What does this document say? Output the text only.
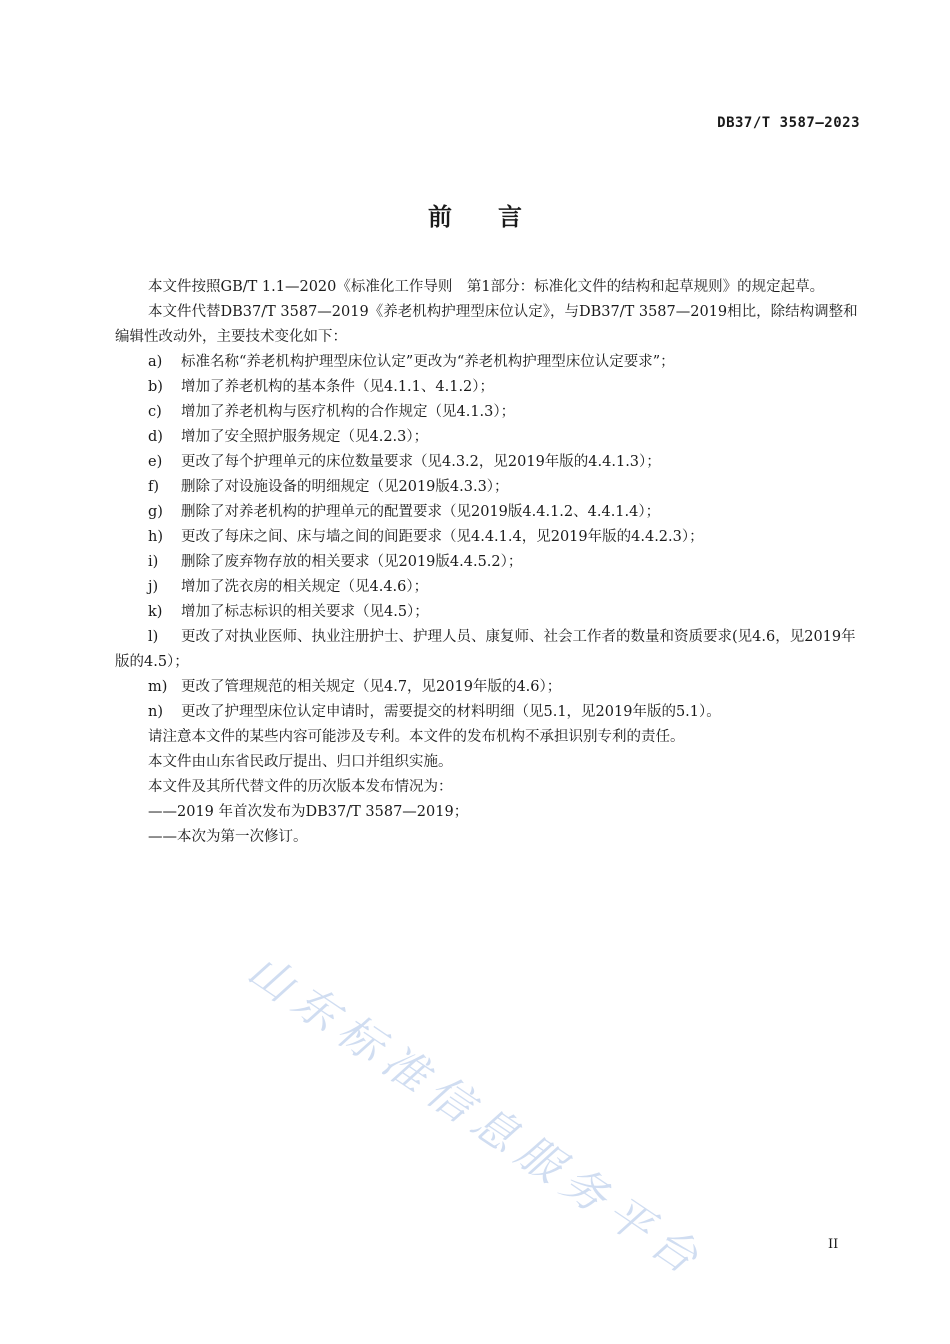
DB37/T 3587—2023
前言

本文件按照GB/T 1.1—2020《标准化工作导则　第1部分：标准化文件的结构和起草规则》的规定起草。

本文件代替DB37/T 3587—2019《养老机构护理型床位认定》，与DB37/T 3587—2019相比，除结构调整和编辑性改动外，主要技术变化如下：

a) 标准名称“养老机构护理型床位认定”更改为“养老机构护理型床位认定要求”；

b) 增加了养老机构的基本条件（见4.1.1、4.1.2）；

c) 增加了养老机构与医疗机构的合作规定（见4.1.3）；

d) 增加了安全照护服务规定（见4.2.3）；

e) 更改了每个护理单元的床位数量要求（见4.3.2，见2019年版的4.4.1.3）；

f) 删除了对设施设备的明细规定（见2019版4.3.3）；

g) 删除了对养老机构的护理单元的配置要求（见2019版4.4.1.2、4.4.1.4）；

h) 更改了每床之间、床与墙之间的间距要求（见4.4.1.4，见2019年版的4.4.2.3）；

i) 删除了废弃物存放的相关要求（见2019版4.4.5.2）；

j) 增加了洗衣房的相关规定（见4.4.6）；

k) 增加了标志标识的相关要求（见4.5）；

l) 更改了对执业医师、执业注册护士、护理人员、康复师、社会工作者的数量和资质要求(见4.6，见2019年版的4.5）；

m) 更改了管理规范的相关规定（见4.7，见2019年版的4.6）；

n) 更改了护理型床位认定申请时，需要提交的材料明细（见5.1，见2019年版的5.1）。

请注意本文件的某些内容可能涉及专利。本文件的发布机构不承担识别专利的责任。

本文件由山东省民政厅提出、归口并组织实施。

本文件及其所代替文件的历次版本发布情况为：

——2019 年首次发布为DB37/T 3587—2019；

——本次为第一次修订。

山东标准信息服务平台	II
